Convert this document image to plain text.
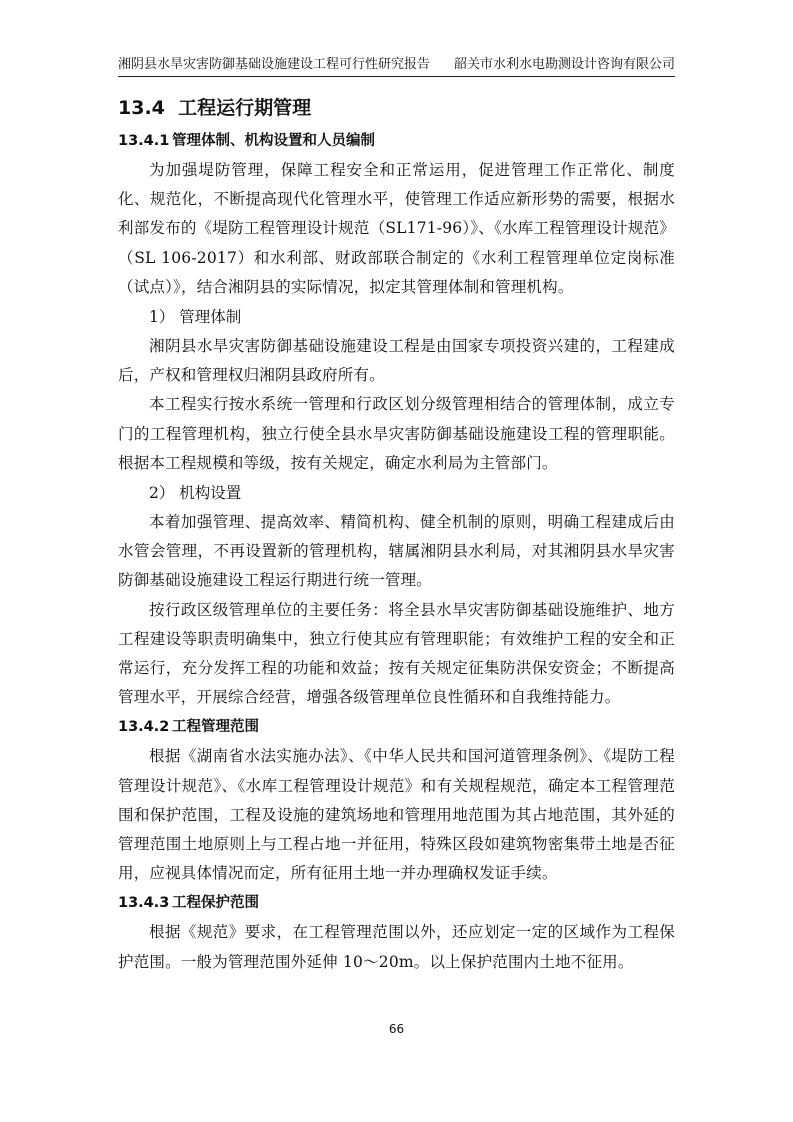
湘阴县水旱灾害防御基础设施建设工程可行性研究报告 韶关市水利水电勘测设计咨询有限公司
13.4 工程运行期管理
13.4.1 管理体制、机构设置和人员编制

为加强堤防管理，保障工程安全和正常运用，促进管理工作正常化、制度化、规范化，不断提高现代化管理水平，使管理工作适应新形势的需要，根据水利部发布的《堤防工程管理设计规范（SL171-96）》、《水库工程管理设计规范》（SL 106-2017）和水利部、财政部联合制定的《水利工程管理单位定岗标准（试点）》，结合湘阴县的实际情况，拟定其管理体制和管理机构。

1） 管理体制

湘阴县水旱灾害防御基础设施建设工程是由国家专项投资兴建的，工程建成后，产权和管理权归湘阴县政府所有。

本工程实行按水系统一管理和行政区划分级管理相结合的管理体制，成立专门的工程管理机构，独立行使全县水旱灾害防御基础设施建设工程的管理职能。根据本工程规模和等级，按有关规定，确定水利局为主管部门。

2） 机构设置

本着加强管理、提高效率、精简机构、健全机制的原则，明确工程建成后由水管会管理，不再设置新的管理机构，辖属湘阴县水利局，对其湘阴县水旱灾害防御基础设施建设工程运行期进行统一管理。

按行政区级管理单位的主要任务：将全县水旱灾害防御基础设施维护、地方工程建设等职责明确集中，独立行使其应有管理职能；有效维护工程的安全和正常运行，充分发挥工程的功能和效益；按有关规定征集防洪保安资金；不断提高管理水平，开展综合经营，增强各级管理单位良性循环和自我维持能力。

13.4.2 工程管理范围

根据《湖南省水法实施办法》、《中华人民共和国河道管理条例》、《堤防工程管理设计规范》、《水库工程管理设计规范》和有关规程规范，确定本工程管理范围和保护范围，工程及设施的建筑场地和管理用地范围为其占地范围，其外延的管理范围土地原则上与工程占地一并征用，特殊区段如建筑物密集带土地是否征用，应视具体情况而定，所有征用土地一并办理确权发证手续。

13.4.3 工程保护范围

根据《规范》要求，在工程管理范围以外，还应划定一定的区域作为工程保护范围。一般为管理范围外延伸 10～20m。以上保护范围内土地不征用。

66
